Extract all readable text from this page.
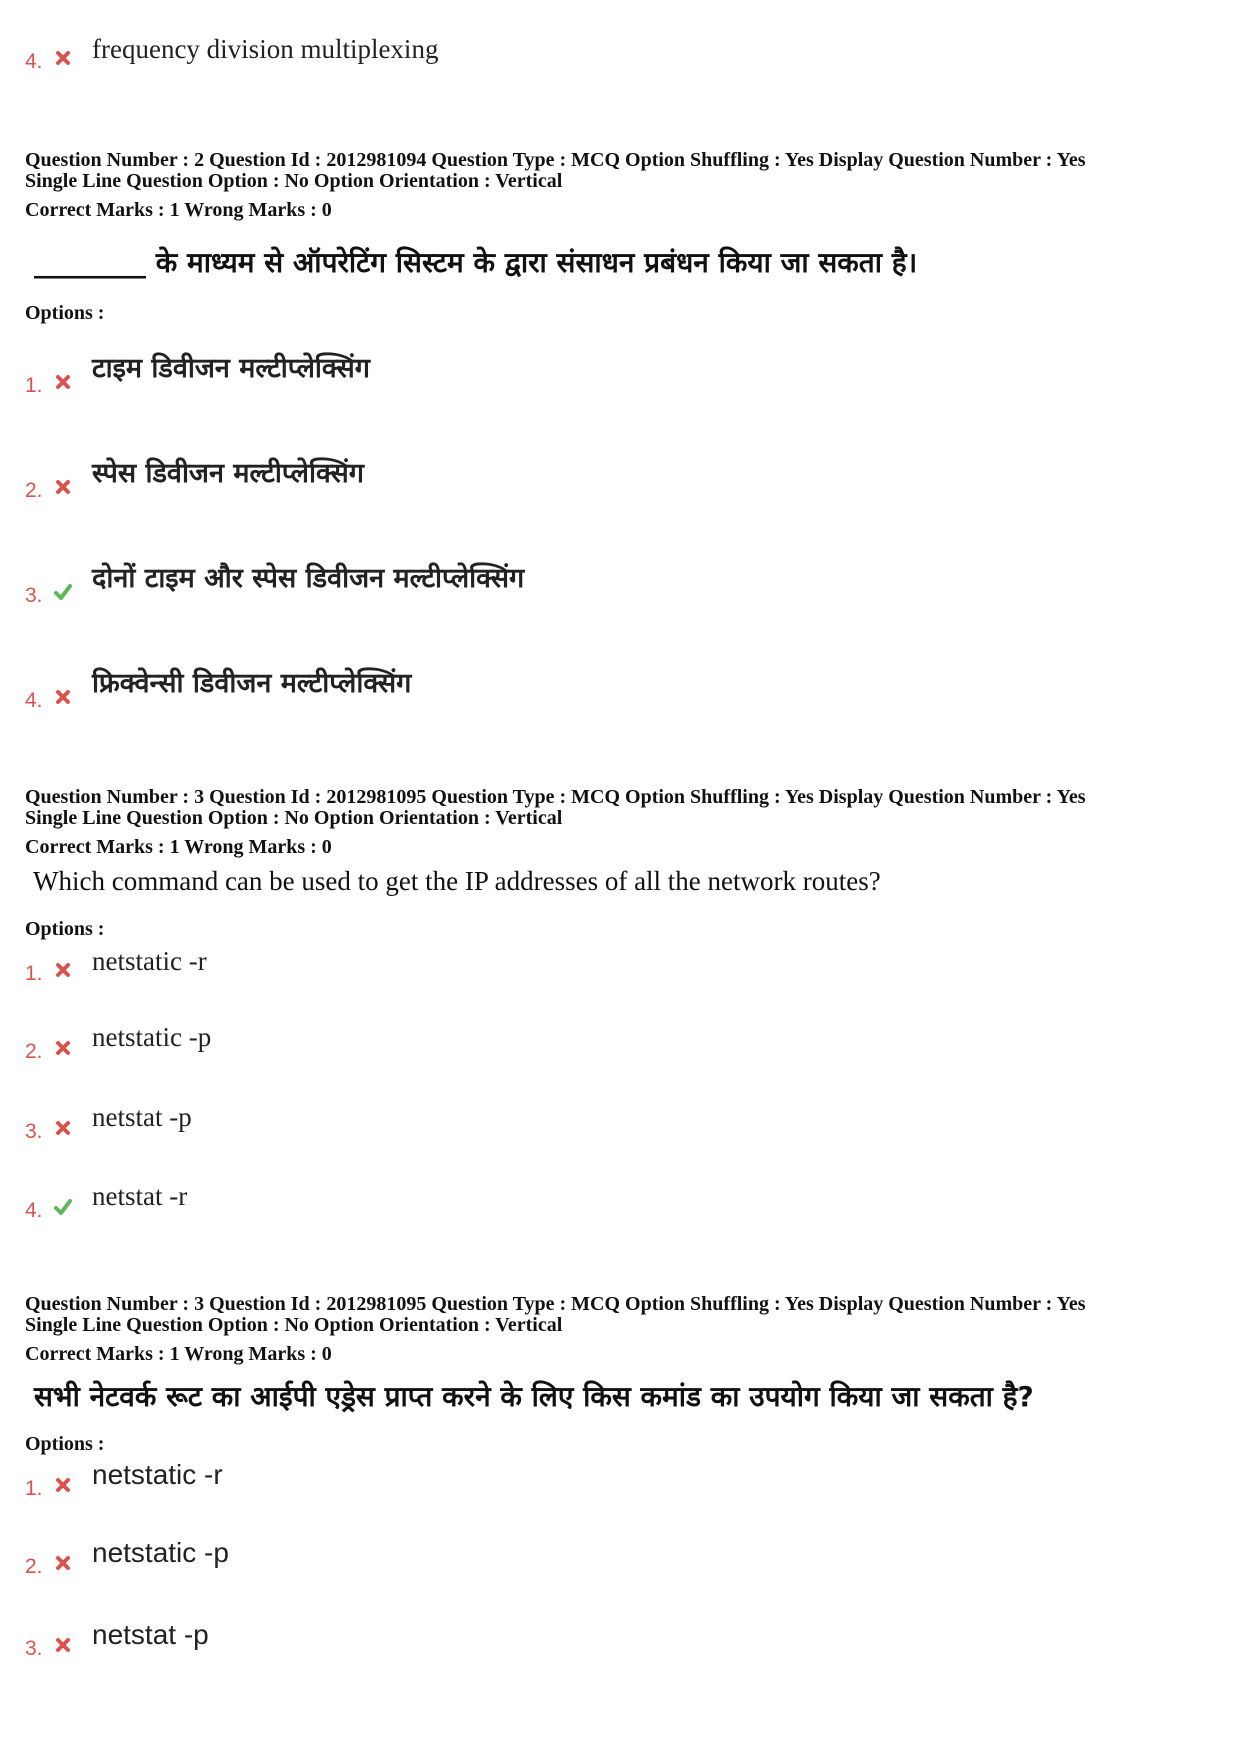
4. frequency division multiplexing
Question Number : 2 Question Id : 2012981094 Question Type : MCQ Option Shuffling : Yes Display Question Number : Yes
Single Line Question Option : No Option Orientation : Vertical
Correct Marks : 1 Wrong Marks : 0
________ के माध्यम से ऑपरेटिंग सिस्टम के द्वारा संसाधन प्रबंधन किया जा सकता है।
Options :
1.
टाइम डिवीजन मल्टीप्लेक्सिंग
2.
स्पेस डिवीजन मल्टीप्लेक्सिंग
3.
दोनों टाइम और स्पेस डिवीजन मल्टीप्लेक्सिंग
4.
फ्रिक्वेन्सी डिवीजन मल्टीप्लेक्सिंग
Question Number : 3 Question Id : 2012981095 Question Type : MCQ Option Shuffling : Yes Display Question Number : Yes
Single Line Question Option : No Option Orientation : Vertical
Correct Marks : 1 Wrong Marks : 0
Which command can be used to get the IP addresses of all the network routes?
Options :
1. netstatic -r
2. netstatic -p
3. netstat -p
4. netstat -r
Question Number : 3 Question Id : 2012981095 Question Type : MCQ Option Shuffling : Yes Display Question Number : Yes
Single Line Question Option : No Option Orientation : Vertical
Correct Marks : 1 Wrong Marks : 0
सभी नेटवर्क रूट का आईपी एड्रेस प्राप्त करने के लिए किस कमांड का उपयोग किया जा सकता है?
Options :
1. netstatic -r
2. netstatic -p
3. netstat -p
